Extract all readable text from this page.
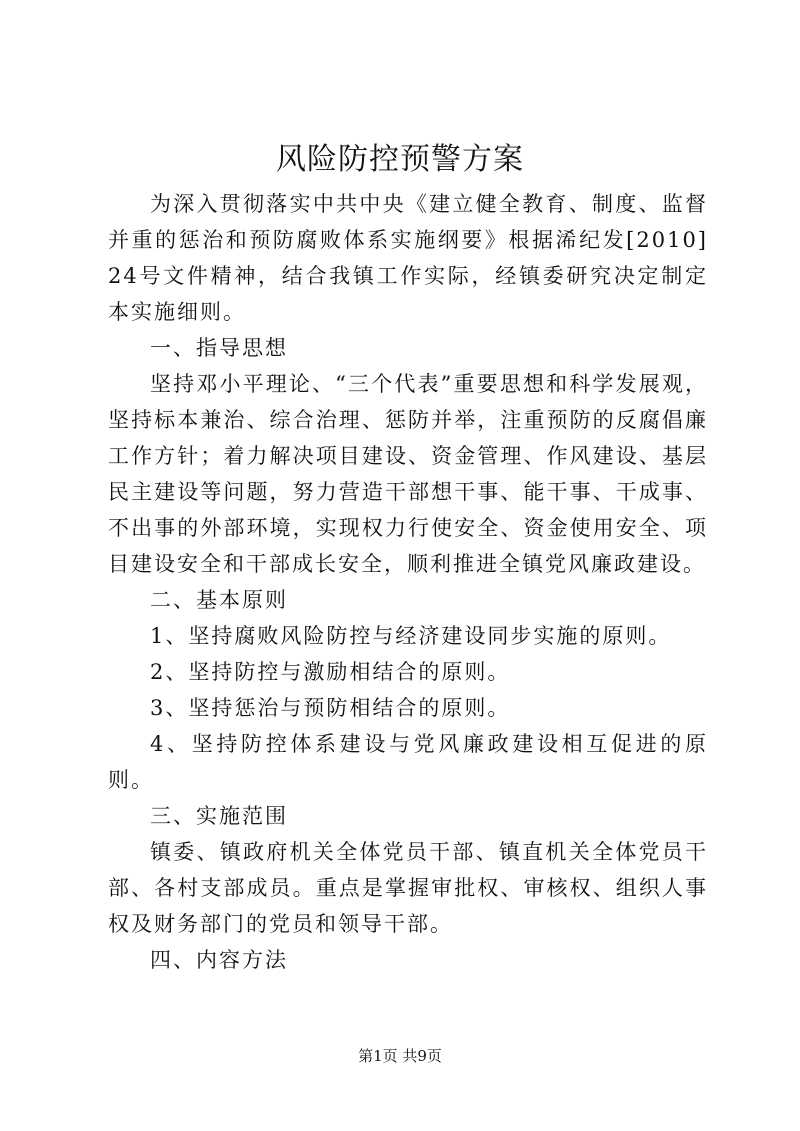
风险防控预警方案

为深入贯彻落实中共中央《建立健全教育、制度、监督并重的惩治和预防腐败体系实施纲要》根据浠纪发[2010]24号文件精神，结合我镇工作实际，经镇委研究决定制定本实施细则。

一、指导思想

坚持邓小平理论、“三个代表”重要思想和科学发展观，坚持标本兼治、综合治理、惩防并举，注重预防的反腐倡廉工作方针；着力解决项目建设、资金管理、作风建设、基层民主建设等问题，努力营造干部想干事、能干事、干成事、不出事的外部环境，实现权力行使安全、资金使用安全、项目建设安全和干部成长安全，顺利推进全镇党风廉政建设。

二、基本原则

1、坚持腐败风险防控与经济建设同步实施的原则。

2、坚持防控与激励相结合的原则。

3、坚持惩治与预防相结合的原则。

4、坚持防控体系建设与党风廉政建设相互促进的原则。

三、实施范围

镇委、镇政府机关全体党员干部、镇直机关全体党员干部、各村支部成员。重点是掌握审批权、审核权、组织人事权及财务部门的党员和领导干部。

四、内容方法

第1页 共9页
